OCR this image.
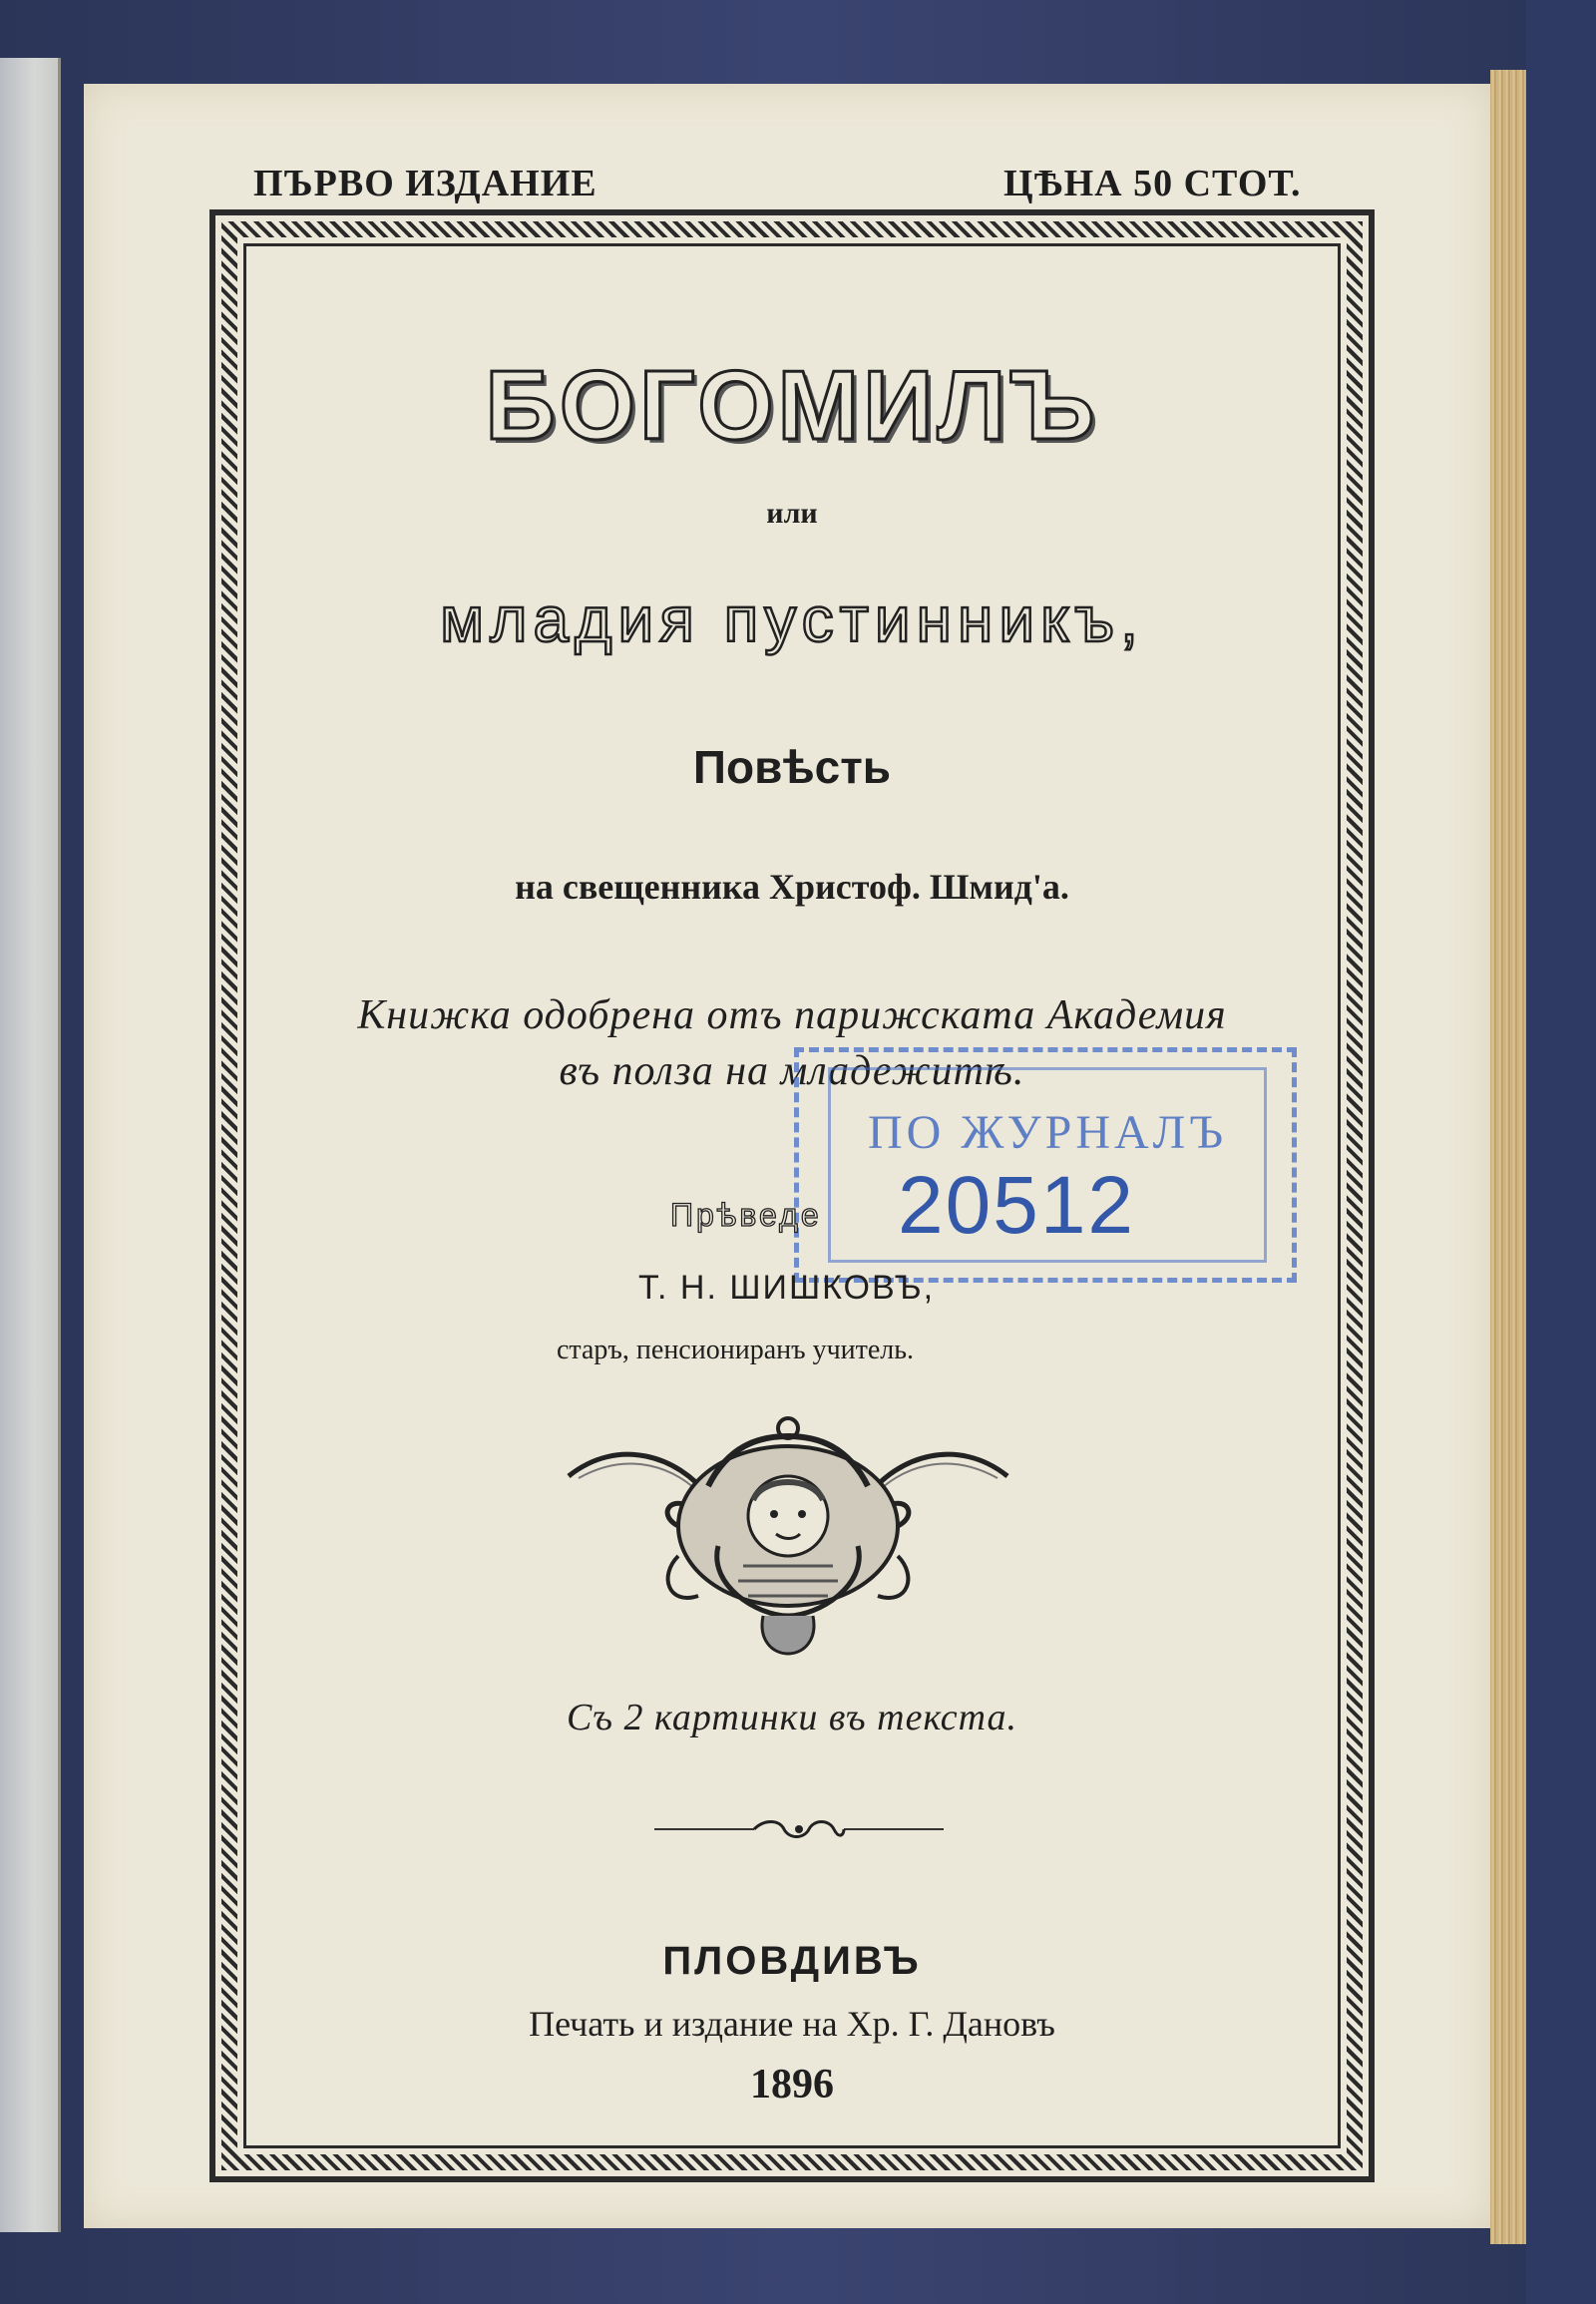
ПЪРВО ИЗДАНИЕ	ЦѢНА 50 СТОТ.

БОГОМИЛЪ

или

младия пустинникъ,

Повѣсть

на свещенника Христоф. Шмид'а.

Книжка одобрена отъ парижската Академия
въ полза на младежитѣ.

ПО ЖУРНАЛЪ

Прѣведе 20512

Т. Н. ШИШКОВЪ,

старъ, пенсиониранъ учитель.

Съ 2 картинки въ текста.

ПЛОВДИВЪ

Печать и издание на Хр. Г. Дановъ

1896
